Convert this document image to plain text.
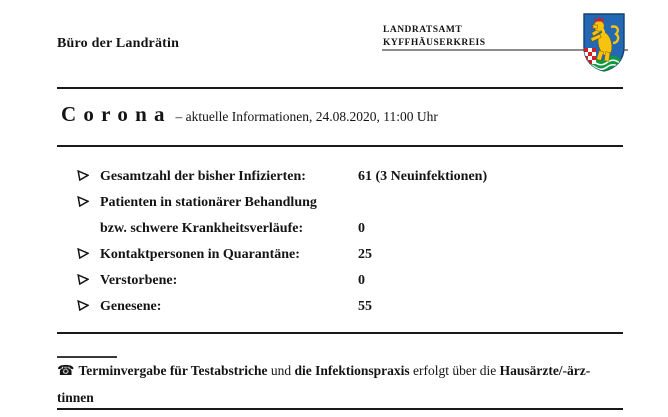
Büro der Landrätin
LANDRATSAMT
KYFFHÄUSERKREIS
C o r o n a – aktuelle Informationen, 24.08.2020, 11:00 Uhr
Gesamtzahl der bisher Infizierten:	61 (3 Neuinfektionen)
Patienten in stationärer Behandlung
bzw. schwere Krankheitsverläufe:	0
Kontaktpersonen in Quarantäne:	25
Verstorbene:	0
Genesene:	55
☎ Terminvergabe für Testabstriche und die Infektionspraxis erfolgt über die Hausärzte/-ärz-
tinnen
